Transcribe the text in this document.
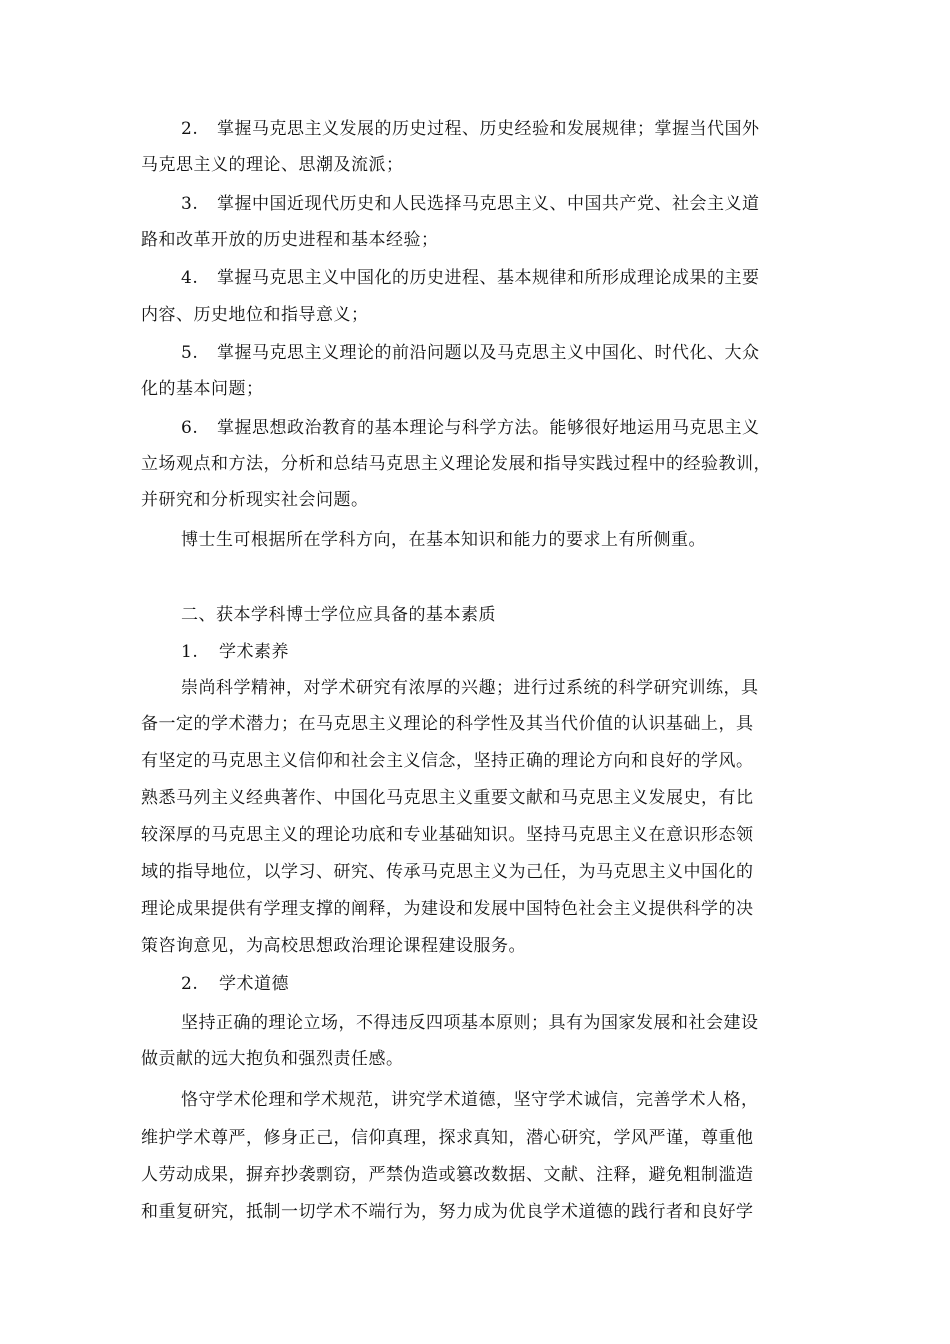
2. 掌握马克思主义发展的历史过程、历史经验和发展规律；掌握当代国外
马克思主义的理论、思潮及流派；
3. 掌握中国近现代历史和人民选择马克思主义、中国共产党、社会主义道
路和改革开放的历史进程和基本经验；
4. 掌握马克思主义中国化的历史进程、基本规律和所形成理论成果的主要
内容、历史地位和指导意义；
5. 掌握马克思主义理论的前沿问题以及马克思主义中国化、时代化、大众
化的基本问题；
6. 掌握思想政治教育的基本理论与科学方法。能够很好地运用马克思主义
立场观点和方法，分析和总结马克思主义理论发展和指导实践过程中的经验教训，
并研究和分析现实社会问题。
博士生可根据所在学科方向，在基本知识和能力的要求上有所侧重。
二、获本学科博士学位应具备的基本素质
1. 学术素养
崇尚科学精神，对学术研究有浓厚的兴趣；进行过系统的科学研究训练，具
备一定的学术潜力；在马克思主义理论的科学性及其当代价值的认识基础上，具
有坚定的马克思主义信仰和社会主义信念，坚持正确的理论方向和良好的学风。
熟悉马列主义经典著作、中国化马克思主义重要文献和马克思主义发展史，有比
较深厚的马克思主义的理论功底和专业基础知识。坚持马克思主义在意识形态领
域的指导地位，以学习、研究、传承马克思主义为己任，为马克思主义中国化的
理论成果提供有学理支撑的阐释，为建设和发展中国特色社会主义提供科学的决
策咨询意见，为高校思想政治理论课程建设服务。
2. 学术道德
坚持正确的理论立场，不得违反四项基本原则；具有为国家发展和社会建设
做贡献的远大抱负和强烈责任感。
恪守学术伦理和学术规范，讲究学术道德，坚守学术诚信，完善学术人格，
维护学术尊严，修身正己，信仰真理，探求真知，潜心研究，学风严谨，尊重他
人劳动成果，摒弃抄袭剽窃，严禁伪造或篡改数据、文献、注释，避免粗制滥造
和重复研究，抵制一切学术不端行为，努力成为优良学术道德的践行者和良好学
